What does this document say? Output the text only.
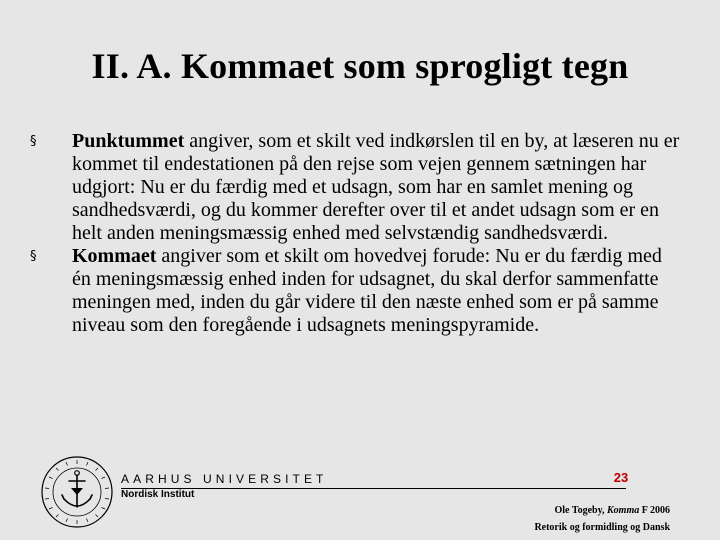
II. A. Kommaet som sprogligt tegn
§	Punktummet angiver, som et skilt ved indkørslen til en by, at læseren nu er kommet til endestationen på den rejse som vejen gennem sætningen har udgjort: Nu er du færdig med et udsagn, som har en samlet mening og sandhedsværdi, og du kommer derefter over til et andet udsagn som er en helt anden meningsmæssig enhed med selvstændig sandhedsværdi.
§	Kommaet angiver som et skilt om hovedvej forude: Nu er du færdig med én meningsmæssig enhed inden for udsagnet, du skal derfor sammenfatte meningen med, inden du går videre til den næste enhed som er på samme niveau som den foregående i udsagnets meningspyramide.
AARHUS UNIVERSITET
Nordisk Institut
23
Ole Togeby, Komma F 2006
Retorik og formidling og Dansk
